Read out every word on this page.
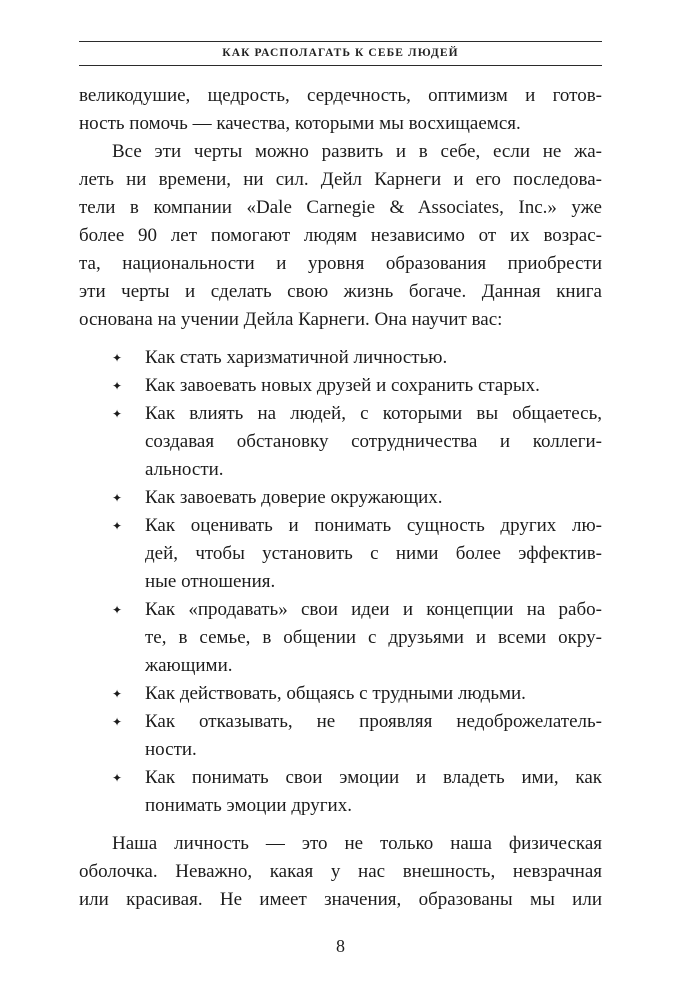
КАК РАСПОЛАГАТЬ К СЕБЕ ЛЮДЕЙ
великодушие, щедрость, сердечность, оптимизм и готов-
ность помочь — качества, которыми мы восхищаемся.
Все эти черты можно развить и в себе, если не жа-
леть ни времени, ни сил. Дейл Карнеги и его последова-
тели в компании «Dale Carnegie & Associates, Inc.» уже
более 90 лет помогают людям независимо от их возрас-
та, национальности и уровня образования приобрести
эти черты и сделать свою жизнь богаче. Данная книга
основана на учении Дейла Карнеги. Она научит вас:
✦ Как стать харизматичной личностью.
✦ Как завоевать новых друзей и сохранить старых.
✦ Как влиять на людей, с которыми вы общаетесь,
создавая обстановку сотрудничества и коллеги-
альности.
✦ Как завоевать доверие окружающих.
✦ Как оценивать и понимать сущность других лю-
дей, чтобы установить с ними более эффектив-
ные отношения.
✦ Как «продавать» свои идеи и концепции на рабо-
те, в семье, в общении с друзьями и всеми окру-
жающими.
✦ Как действовать, общаясь с трудными людьми.
✦ Как отказывать, не проявляя недоброжелатель-
ности.
✦ Как понимать свои эмоции и владеть ими, как
понимать эмоции других.
Наша личность — это не только наша физическая
оболочка. Неважно, какая у нас внешность, невзрачная
или красивая. Не имеет значения, образованы мы или
8
